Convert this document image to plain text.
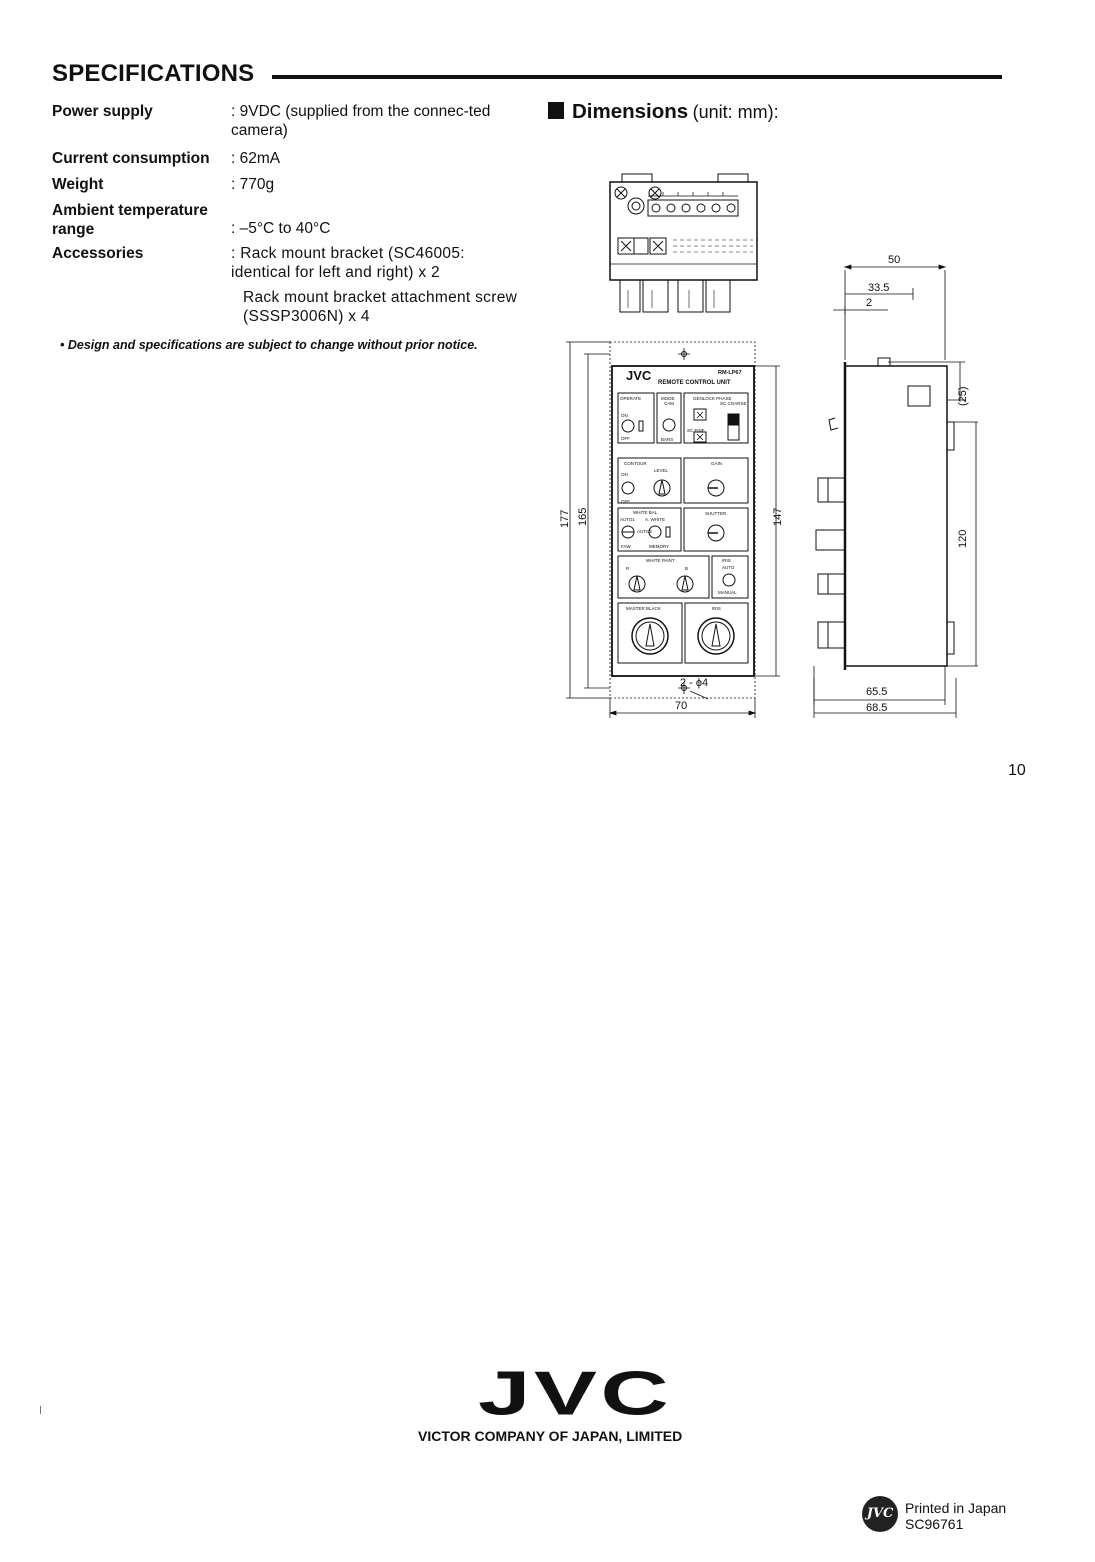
SPECIFICATIONS
Power supply	: 9VDC (supplied from the connec-ted camera)
Current consumption	: 62mA
Weight	: 770g
Ambient temperature range	: –5°C to 40°C
Accessories	: Rack mount bracket (SC46005: identical for left and right) x 2
Rack mount bracket attachment screw (SSSP3006N) x 4
• Design and specifications are subject to change without prior notice.
Dimensions (unit: mm):
JVC	RM-LP67
REMOTE CONTROL UNIT
OPERATE
ON
OFF
MODE
CAM
BARS
GENLOCK PHASE
SC COARSE
SC FINE
CONTOUR
LEVEL
GAIN
ON
OFF
WHITE BAL
AUTO1 A. WHITE
AUTO2
FAW	MEMORY
SHUTTER
WHITE PAINT
R	B
IRIS
AUTO
MANUAL
MASTER BLACK	IRIS
70
177 165	147
2 - ϕ4
50
33.5
2
(25)
120
65.5
68.5
10
JVC
VICTOR COMPANY OF JAPAN, LIMITED
JVC Printed in Japan
SC96761
